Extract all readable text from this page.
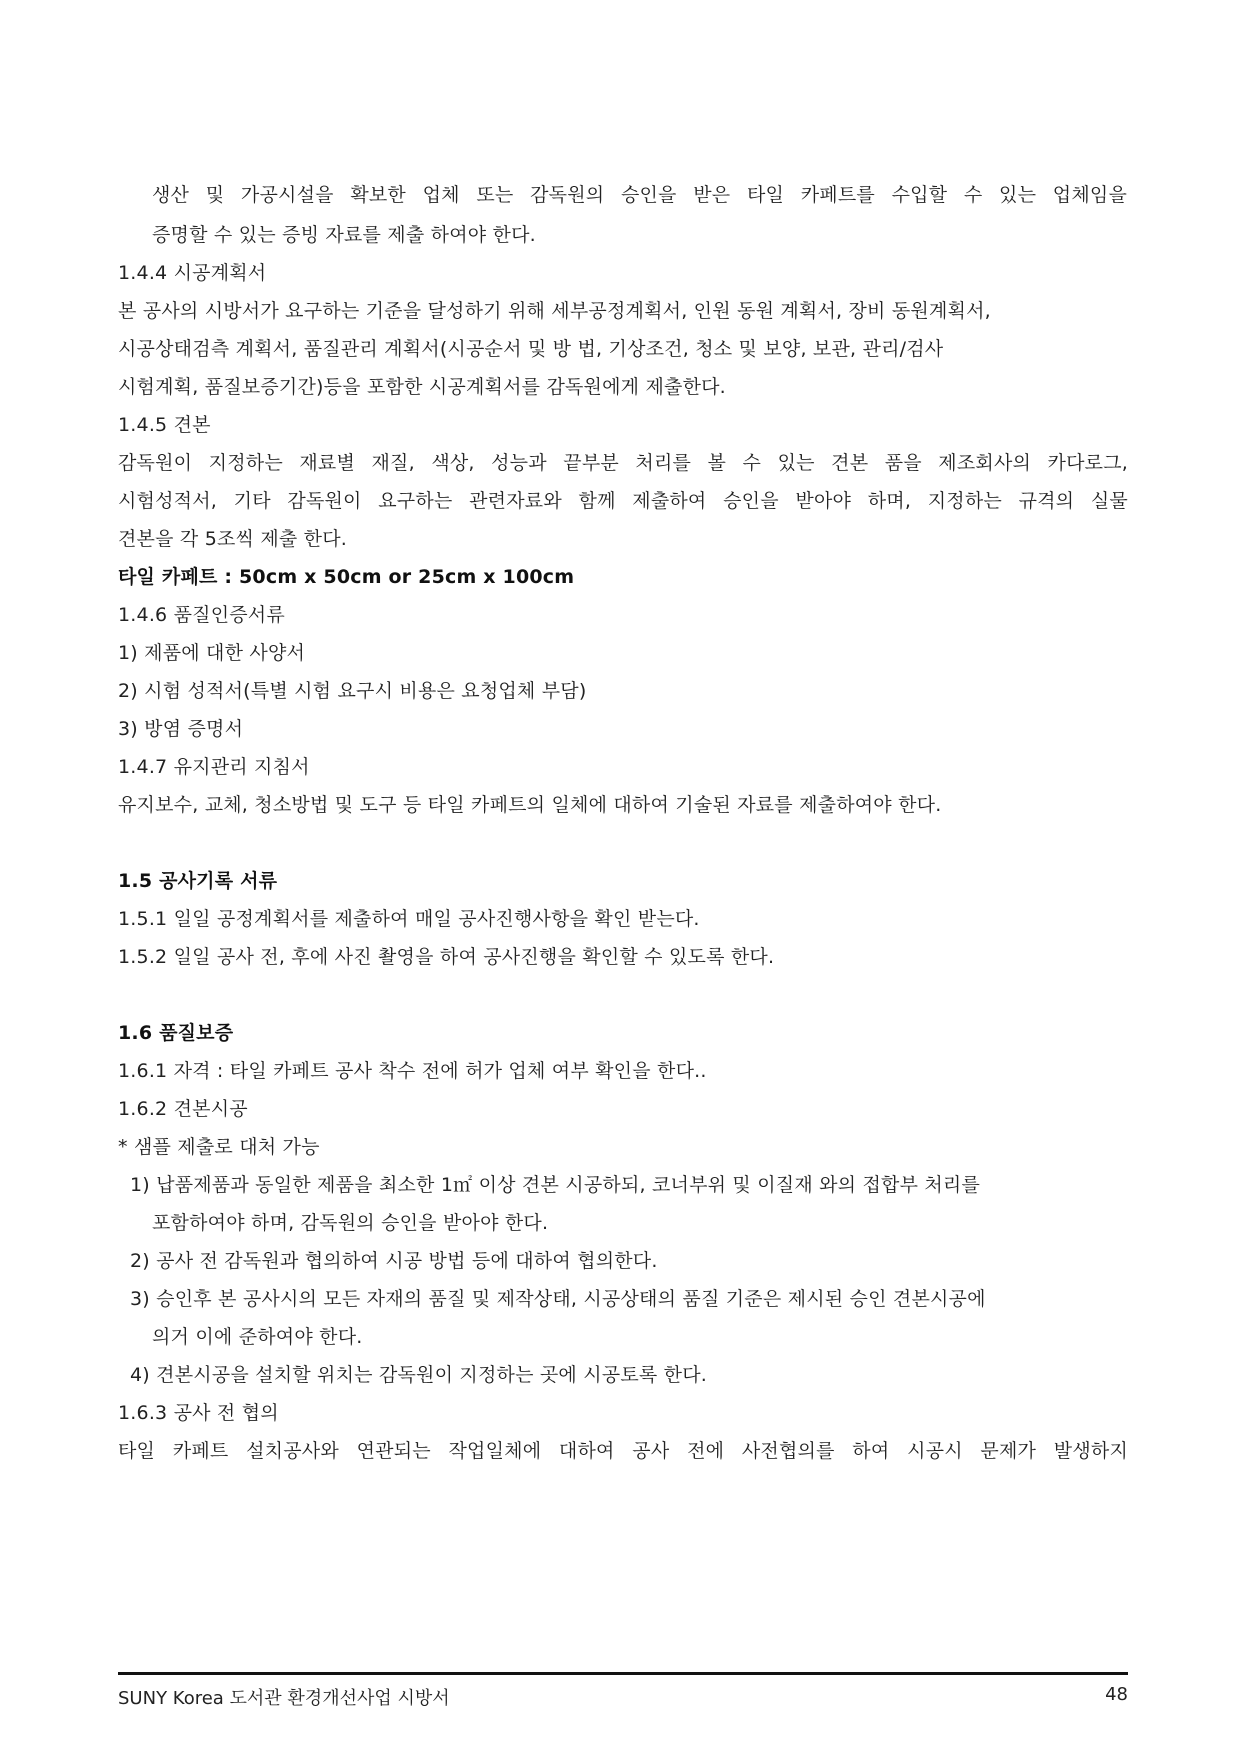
생산 및 가공시설을 확보한 업체 또는 감독원의 승인을 받은 타일 카페트를 수입할 수 있는 업체임을
증명할 수 있는 증빙 자료를 제출 하여야 한다.
1.4.4 시공계획서
본 공사의 시방서가 요구하는 기준을 달성하기 위해 세부공정계획서, 인원 동원 계획서, 장비 동원계획서,
시공상태검측 계획서, 품질관리 계획서(시공순서 및 방 법, 기상조건, 청소 및 보양, 보관, 관리/검사
시험계획, 품질보증기간)등을 포함한 시공계획서를 감독원에게 제출한다.
1.4.5 견본
감독원이 지정하는 재료별 재질, 색상, 성능과 끝부분 처리를 볼 수 있는 견본 품을 제조회사의 카다로그,
시험성적서, 기타 감독원이 요구하는 관련자료와 함께 제출하여 승인을 받아야 하며, 지정하는 규격의 실물
견본을 각 5조씩 제출 한다.
타일 카페트 : 50cm x 50cm or 25cm x 100cm
1.4.6 품질인증서류
1) 제품에 대한 사양서
2) 시험 성적서(특별 시험 요구시 비용은 요청업체 부담)
3) 방염 증명서
1.4.7 유지관리 지침서
유지보수, 교체, 청소방법 및 도구 등 타일 카페트의 일체에 대하여 기술된 자료를 제출하여야 한다.
1.5 공사기록 서류
1.5.1 일일 공정계획서를 제출하여 매일 공사진행사항을 확인 받는다.
1.5.2 일일 공사 전, 후에 사진 촬영을 하여 공사진행을 확인할 수 있도록 한다.
1.6 품질보증
1.6.1 자격 : 타일 카페트 공사 착수 전에 허가 업체 여부 확인을 한다..
1.6.2 견본시공
* 샘플 제출로 대처 가능
1) 납품제품과 동일한 제품을 최소한 1㎡ 이상 견본 시공하되, 코너부위 및 이질재 와의 접합부 처리를
포함하여야 하며, 감독원의 승인을 받아야 한다.
2) 공사 전 감독원과 협의하여 시공 방법 등에 대하여 협의한다.
3) 승인후 본 공사시의 모든 자재의 품질 및 제작상태, 시공상태의 품질 기준은 제시된 승인 견본시공에
의거 이에 준하여야 한다.
4) 견본시공을 설치할 위치는 감독원이 지정하는 곳에 시공토록 한다.
1.6.3 공사 전 협의
타일 카페트 설치공사와 연관되는 작업일체에 대하여 공사 전에 사전협의를 하여 시공시 문제가 발생하지
SUNY Korea 도서관 환경개선사업 시방서	48
